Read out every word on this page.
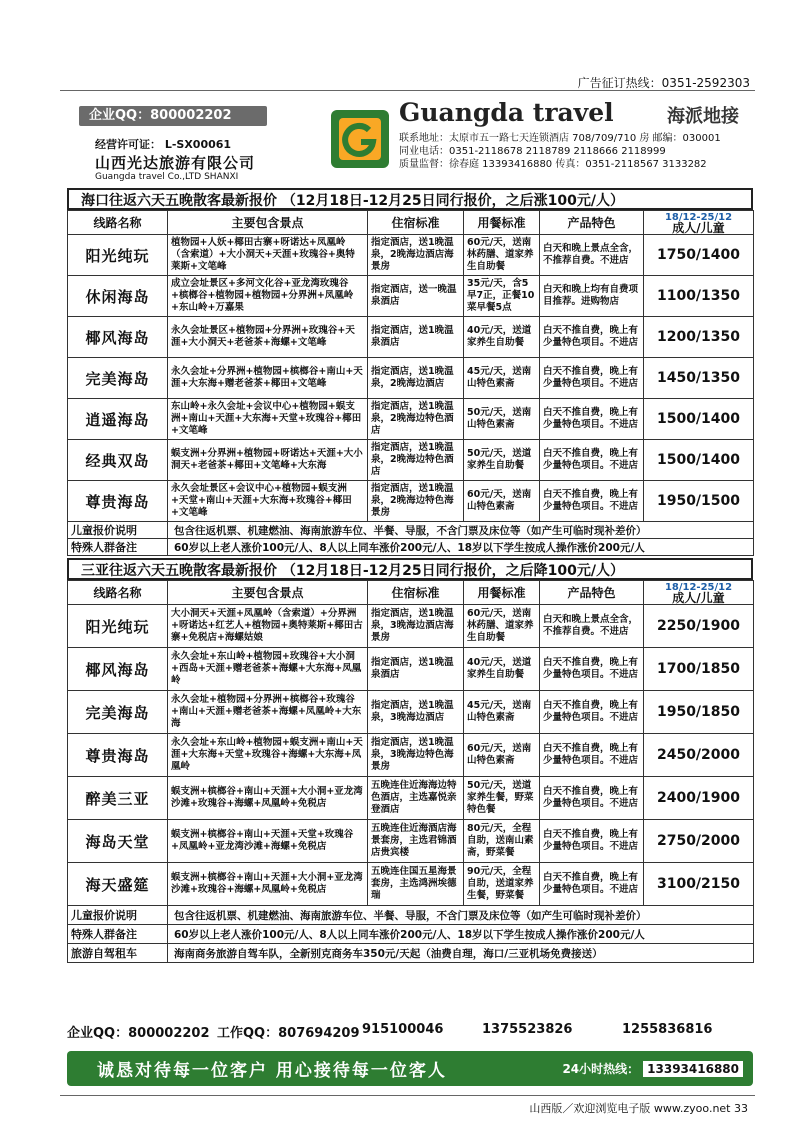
广告征订热线：0351-2592303
企业QQ：800002202
经营许可证： L-SX00061
山西光达旅游有限公司
Guangda travel Co.,LTD SHANXI
Guangda travel	海派地接
联系地址：太原市五一路七天连锁酒店 708/709/710 房 邮编：030001
同业电话：0351-2118678 2118789 2118666 2118999
质量监督：徐春庭 13393416880 传真：0351-2118567 3133282
海口往返六天五晚散客最新报价 （12月18日-12月25日同行报价，之后涨100元/人）
线路名称	主要包含景点	住宿标准	用餐标准	产品特色	18/12-25/12
成人/儿童

阳光纯玩	植物园+人妖+椰田古寨+呀诺达+凤凰岭（含索道）+大小洞天+天涯+玫瑰谷+奥特莱斯+文笔峰	指定酒店，送1晚温泉，2晚海边酒店海景房	60元/天，送南林药膳、道家养生自助餐	白天和晚上景点全含，不推荐自费。不进店	1750/1400
休闲海岛	成立会址景区+多河文化谷+亚龙湾玫瑰谷+槟榔谷+植物园+植物园+分界洲+凤凰岭+东山岭+万嘉果	指定酒店，送一晚温泉酒店	35元/天，含5早7正，正餐10菜早餐5点	白天和晚上均有自费项目推荐。进购物店	1100/1350
椰风海岛	永久会址景区+植物园+分界洲+玫瑰谷+天涯+大小洞天+老爸茶+海螺+文笔峰	指定酒店，送1晚温泉酒店	40元/天，送道家养生自助餐	白天不推自费，晚上有少量特色项目。不进店	1200/1350
完美海岛	永久会址+分界洲+植物园+槟榔谷+南山+天涯+大东海+赠老爸茶+椰田+文笔峰	指定酒店，送1晚温泉，2晚海边酒店	45元/天，送南山特色素斋	白天不推自费，晚上有少量特色项目。不进店	1450/1350
逍遥海岛	东山岭+永久会址+会议中心+植物园+蜈支洲+南山+天涯+大东海+天堂+玫瑰谷+椰田+文笔峰	指定酒店，送1晚温泉，2晚海边特色酒店	50元/天，送南山特色素斋	白天不推自费，晚上有少量特色项目。不进店	1500/1400
经典双岛	蜈支洲+分界洲+植物园+呀诺达+天涯+大小洞天+老爸茶+椰田+文笔峰+大东海	指定酒店，送1晚温泉，2晚海边特色酒店	50元/天，送道家养生自助餐	白天不推自费，晚上有少量特色项目。不进店	1500/1400
尊贵海岛	永久会址景区+会议中心+植物园+蜈支洲+天堂+南山+天涯+大东海+玫瑰谷+椰田+文笔峰	指定酒店，送1晚温泉，2晚海边特色海景房	60元/天，送南山特色素斋	白天不推自费，晚上有少量特色项目。不进店	1950/1500
儿童报价说明	包含往返机票、机建燃油、海南旅游车位、半餐、导服，不含门票及床位等（如产生可临时现补差价）				
特殊人群备注	60岁以上老人涨价100元/人、8人以上同车涨价200元/人、18岁以下学生按成人操作涨价200元/人				
三亚往返六天五晚散客最新报价 （12月18日-12月25日同行报价，之后降100元/人）
线路名称	主要包含景点	住宿标准	用餐标准	产品特色	18/12-25/12
成人/儿童

阳光纯玩	大小洞天+天涯+凤凰岭（含索道）+分界洲+呀诺达+红艺人+植物园+奥特莱斯+椰田古寨+免税店+海螺姑娘	指定酒店，送1晚温泉，3晚海边酒店海景房	60元/天，送南林药膳、道家养生自助餐	白天和晚上景点全含，不推荐自费。不进店	2250/1900
椰风海岛	永久会址+东山岭+植物园+玫瑰谷+大小洞+西岛+天涯+赠老爸茶+海螺+大东海+凤凰岭	指定酒店，送1晚温泉酒店	40元/天，送道家养生自助餐	白天不推自费，晚上有少量特色项目。不进店	1700/1850
完美海岛	永久会址+植物园+分界洲+槟榔谷+玫瑰谷+南山+天涯+赠老爸茶+海螺+凤凰岭+大东海	指定酒店，送1晚温泉，3晚海边酒店	45元/天，送南山特色素斋	白天不推自费，晚上有少量特色项目。不进店	1950/1850
尊贵海岛	永久会址+东山岭+植物园+蜈支洲+南山+天涯+大东海+天堂+玫瑰谷+海螺+大东海+凤凰岭	指定酒店，送1晚温泉，3晚海边特色海景房	60元/天，送南山特色素斋	白天不推自费，晚上有少量特色项目。不进店	2450/2000
醉美三亚	蜈支洲+槟榔谷+南山+天涯+大小洞+亚龙湾沙滩+玫瑰谷+海螺+凤凰岭+免税店	五晚连住近海海边特色酒店，主选嘉悦亲登酒店	50元/天，送道家养生餐，野菜特色餐	白天不推自费，晚上有少量特色项目。不进店	2400/1900
海岛天堂	蜈支洲+槟榔谷+南山+天涯+天堂+玫瑰谷+凤凰岭+亚龙湾沙滩+海螺+免税店	五晚连住近海酒店海景套房，主选君锦酒店贵宾楼	80元/天，全程自助，送南山素斋，野菜餐	白天不推自费，晚上有少量特色项目。不进店	2750/2000
海天盛筵	蜈支洲+槟榔谷+南山+天涯+大小洞+亚龙湾沙滩+玫瑰谷+海螺+凤凰岭+免税店	五晚连住国五星海景套房，主选鸿洲埃德瑞	90元/天，全程自助，送道家养生餐，野菜餐	白天不推自费，晚上有少量特色项目。不进店	3100/2150
儿童报价说明	包含往返机票、机建燃油、海南旅游车位、半餐、导服，不含门票及床位等（如产生可临时现补差价）				
特殊人群备注	60岁以上老人涨价100元/人、8人以上同车涨价200元/人、18岁以下学生按成人操作涨价200元/人				
旅游自驾租车	海南商务旅游自驾车队，全新别克商务车350元/天起（油费自理，海口/三亚机场免费接送）				
企业QQ：800002202 工作QQ：807694209 915100046	1375523826	1255836816
诚恳对待每一位客户 用心接待每一位客人	24小时热线： 13393416880
山西版／欢迎浏览电子版 www.zyoo.net 33
